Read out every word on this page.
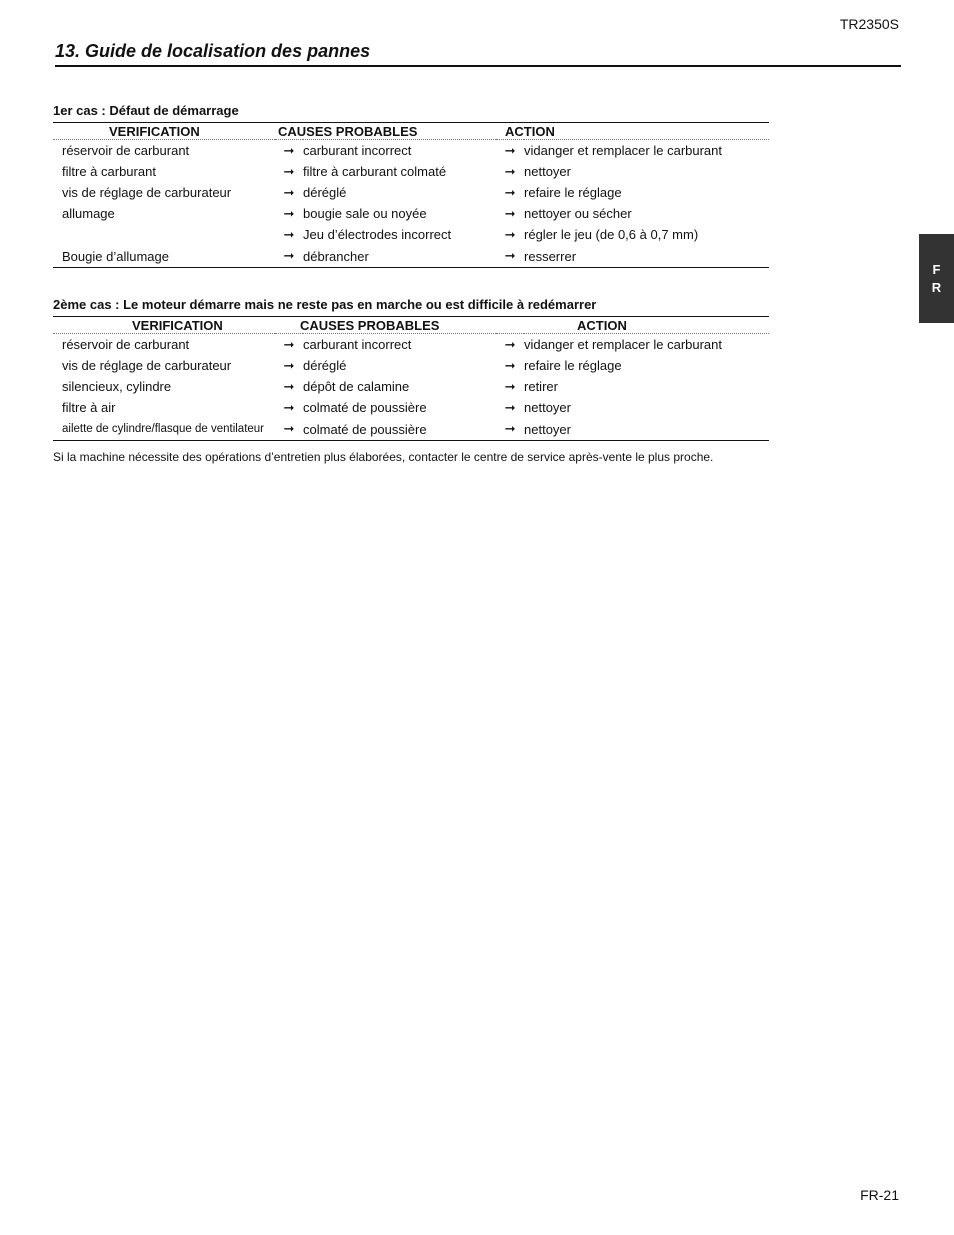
TR2350S
13. Guide de localisation des pannes
F
R

1er cas : Défaut de démarrage

VERIFICATION	CAUSES PROBABLES		ACTION	
réservoir de carburant	➞	carburant incorrect	➞	vidanger et remplacer le carburant
filtre à carburant	➞	filtre à carburant colmaté	➞	nettoyer
vis de réglage de carburateur	➞	déréglé	➞	refaire le réglage
allumage	➞	bougie sale ou noyée	➞	nettoyer ou sécher
	➞	Jeu d’électrodes incorrect	➞	régler le jeu (de 0,6 à 0,7 mm)
Bougie d’allumage	➞	débrancher	➞	resserrer

2ème cas : Le moteur démarre mais ne reste pas en marche ou est difficile à redémarrer

VERIFICATION	CAUSES PROBABLES		ACTION	
réservoir de carburant	➞	carburant incorrect	➞	vidanger et remplacer le carburant
vis de réglage de carburateur	➞	déréglé	➞	refaire le réglage
silencieux, cylindre	➞	dépôt de calamine	➞	retirer
filtre à air	➞	colmaté de poussière	➞	nettoyer
ailette de cylindre/flasque de ventilateur	➞	colmaté de poussière	➞	nettoyer

Si la machine nécessite des opérations d’entretien plus élaborées, contacter le centre de service après-vente le plus proche.

FR-21
